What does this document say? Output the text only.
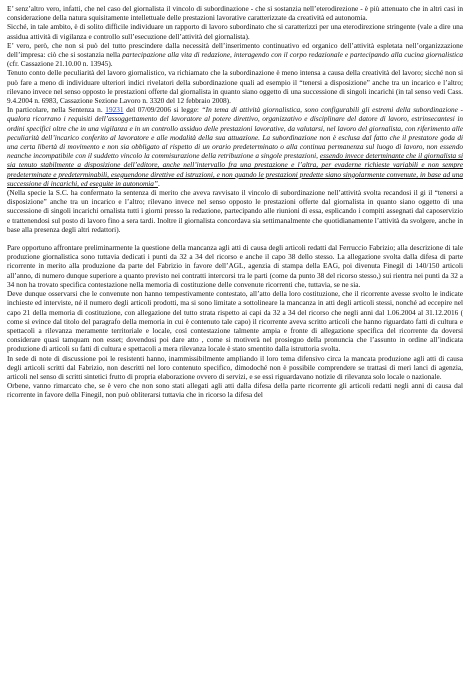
E’ senz’altro vero, infatti, che nel caso del giornalista il vincolo di subordinazione - che si sostanzia nell’eterodirezione - è più attenuato che in altri casi in considerazione della natura squisitamente intellettuale delle prestazioni lavorative caratterizzate da creatività ed autonomia.

Sicché, in tale ambito, è di solito difficile individuare un rapporto di lavoro subordinato che si caratterizzi per una eterodirezione stringente (vale a dire una assidua attività di vigilanza e controllo sull’esecuzione dell’attività del giornalista).

E’ vero, però, che non si può del tutto prescindere dalla necessità dell’inserimento continuativo ed organico dell’attività espletata nell’organizzazione dell’impresa: ciò che si sostanzia nella partecipazione alla vita di redazione, interagendo con il corpo redazionale e partecipando alla cucina giornalistica (cfr. Cassazione 21.10.00 n. 13945).

Tenuto conto delle peculiarità del lavoro giornalistico, va richiamato che la subordinazione è meno intensa a causa della creatività del lavoro; sicché non si può fare a meno di individuare ulteriori indici rivelatori della subordinazione quali ad esempio il “tenersi a disposizione” anche tra un incarico e l’altro; rilevano invece nel senso opposto le prestazioni offerte dal giornalista in quanto siano oggetto di una successione di singoli incarichi (in tal senso vedi Cass. 9.4.2004 n. 6983, Cassazione Sezione Lavoro n. 3320 del 12 febbraio 2008).

In particolare, nella Sentenza n. 19231 del 07/09/2006 si legge: “In tema di attività giornalistica, sono configurabili gli estremi della subordinazione - qualora ricorrano i requisiti dell’assoggettamento del lavoratore al potere direttivo, organizzativo e disciplinare del datore di lavoro, estrinsecantesi in ordini specifici oltre che in una vigilanza e in un controllo assiduo delle prestazioni lavorative, da valutarsi, nel lavoro del giornalista, con riferimento alle peculiarità dell’incarico conferito al lavoratore e alle modalità della sua attuazione. La subordinazione non è esclusa dal fatto che il prestatore goda di una certa libertà di movimento e non sia obbligato al rispetto di un orario predeterminato o alla continua permanenza sul luogo di lavoro, non essendo neanche incompatibile con il suddetto vincolo la commisurazione della retribuzione a singole prestazioni, essendo invece determinante che il giornalista si sia tenuto stabilmente a disposizione dell’editore, anche nell’intervallo fra una prestazione e l’altra, per evaderne richieste variabili e non sempre predeterminate e predeterminabili, eseguendone direttive ed istruzioni, e non quando le prestazioni predette siano singolarmente convenute, in base ad una successione di incarichi, ed eseguite in autonomia”.

(Nella specie la S.C. ha confermato la sentenza di merito che aveva ravvisato il vincolo di subordinazione nell’attività svolta recandosi il gi il “tenersi a disposizione” anche tra un incarico e l’altro; rilevano invece nel senso opposto le prestazioni offerte dal giornalista in quanto siano oggetto di una successione di singoli incarichi ornalista tutti i giorni presso la redazione, partecipando alle riunioni di essa, esplicando i compiti assegnati dal caposervizio e trattenendosi sul posto di lavoro fino a sera tardi. Inoltre il giornalista concordava sia settimanalmente che quotidianamente l’attività da svolgere, anche in base alla presenza degli altri redattori).

Pare opportuno affrontare preliminarmente la questione della mancanza agli atti di causa degli articoli redatti dal Ferruccio Fabrizio; alla descrizione di tale produzione giornalistica sono tuttavia dedicati i punti da 32 a 34 del ricorso e anche il capo 38 dello stesso. La allegazione svolta dalla difesa di parte ricorrente in merito alla produzione da parte del Fabrizio in favore dell’AGL, agenzia di stampa della EAG, poi divenuta Finegil di 140/150 articoli all’anno, di numero dunque superiore a quanto previsto nei contratti intercorsi tra le parti (come da punto 38 del ricorso stesso,) sui rientra nei punti da 32 a 34 non ha trovato specifica contestazione nella memoria di costituzione delle convenute ricorrenti che, tuttavia, se ne sia.

Deve dunque osservarsi che le convenute non hanno tempestivamente contestato, all’atto della loro costituzione, che il ricorrente avesse svolto le indicate inchieste ed interviste, né il numero degli articoli prodotti, ma si sono limitate a sottolineare la mancanza in atti degli articoli stessi, nonché ad eccepire nel capo 21 della memoria di costituzione, con allegazione del tutto strata rispetto ai capi da 32 a 34 del ricorso che negli anni dal 1.06.2004 al 31.12.2016 ( come si evince dal titolo del paragrafo della memoria in cui è contenuto tale capo) il ricorrente aveva scritto articoli che hanno riguardato fatti di cultura e spettacoli a rilevanza meramente territoriale e locale, così contestazione talmente ampia e fronte di allegazione specifica del ricorrente da doversi considerare quasi tamquam non esset; dovendosi poi dare atto , come si motiverà nel prosieguo della pronuncia che l’assunto in ordine all’indicata produzione di articoli su fatti di cultura e spettacoli a mera rilevanza locale è stato smentito dalla istruttoria svolta.

In sede di note di discussione poi le resistenti hanno, inammissibilmente ampliando il loro tema difensivo circa la mancata produzione agli atti di causa degli articoli scritti dal Fabrizio, non descritti nel loro contenuto specifico, dimodoché non è possibile comprendere se trattasi di meri lanci di agenzia, articoli nel senso di scritti sintetici frutto di propria elaborazione ovvero di servizi, e se essi riguardavano notizie di rilevanza solo locale o nazionale.

Orbene, vanno rimarcato che, se è vero che non sono stati allegati agli atti dalla difesa della parte ricorrente gli articoli redatti negli anni di causa dal ricorrente in favore della Finegil, non può obliterarsi tuttavia che in ricorso la difesa del
